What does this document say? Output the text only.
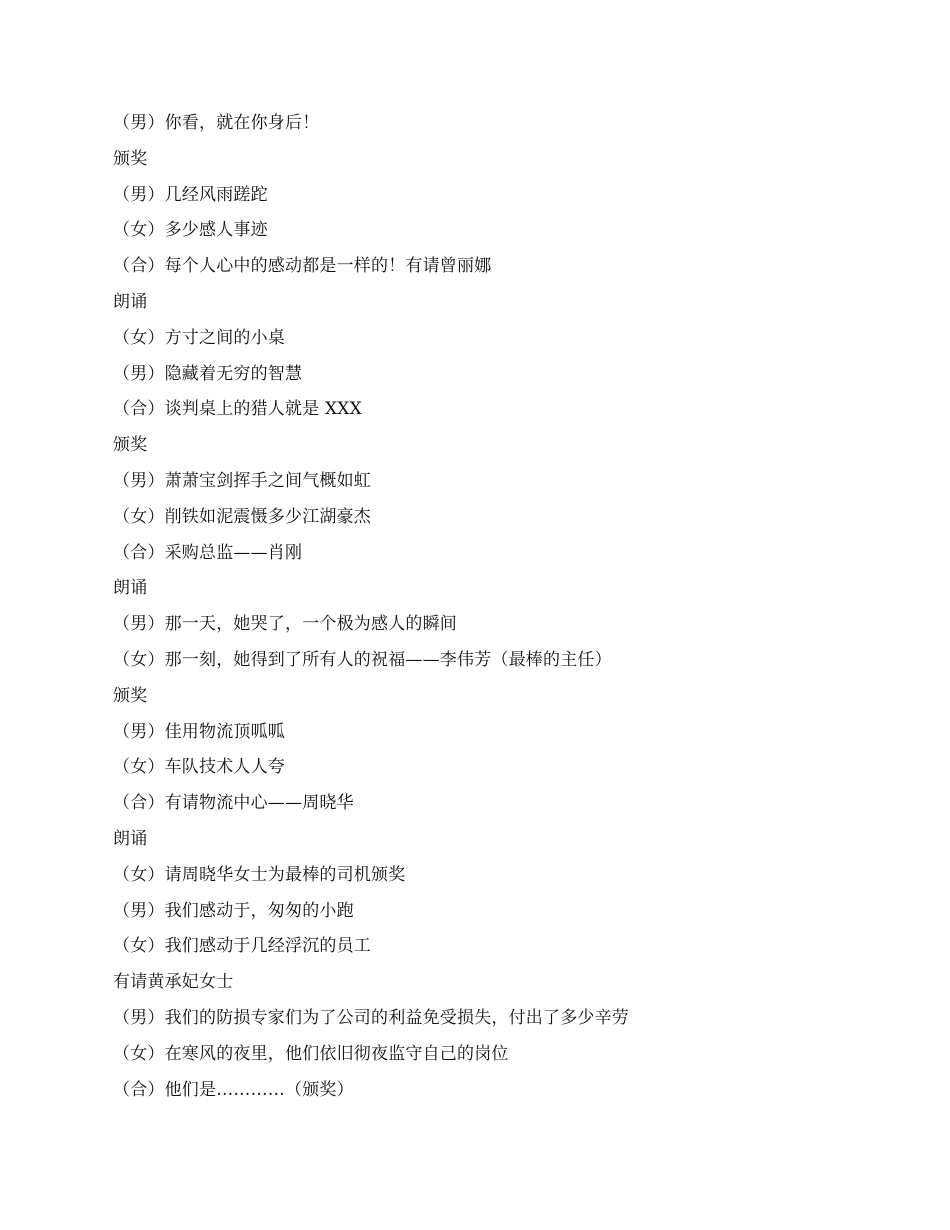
（男）你看，就在你身后！
颁奖
（男）几经风雨蹉跎
（女）多少感人事迹
（合）每个人心中的感动都是一样的！有请曾丽娜
朗诵
（女）方寸之间的小桌
（男）隐藏着无穷的智慧
（合）谈判桌上的猎人就是 XXX
颁奖
（男）萧萧宝剑挥手之间气概如虹
（女）削铁如泥震慑多少江湖豪杰
（合）采购总监——肖刚
朗诵
（男）那一天，她哭了，一个极为感人的瞬间
（女）那一刻，她得到了所有人的祝福——李伟芳（最棒的主任）
颁奖
（男）佳用物流顶呱呱
（女）车队技术人人夸
（合）有请物流中心——周晓华
朗诵
（女）请周晓华女士为最棒的司机颁奖
（男）我们感动于，匆匆的小跑
（女）我们感动于几经浮沉的员工
有请黄承妃女士
（男）我们的防损专家们为了公司的利益免受损失，付出了多少辛劳
（女）在寒风的夜里，他们依旧彻夜监守自己的岗位
（合）他们是…………（颁奖）
